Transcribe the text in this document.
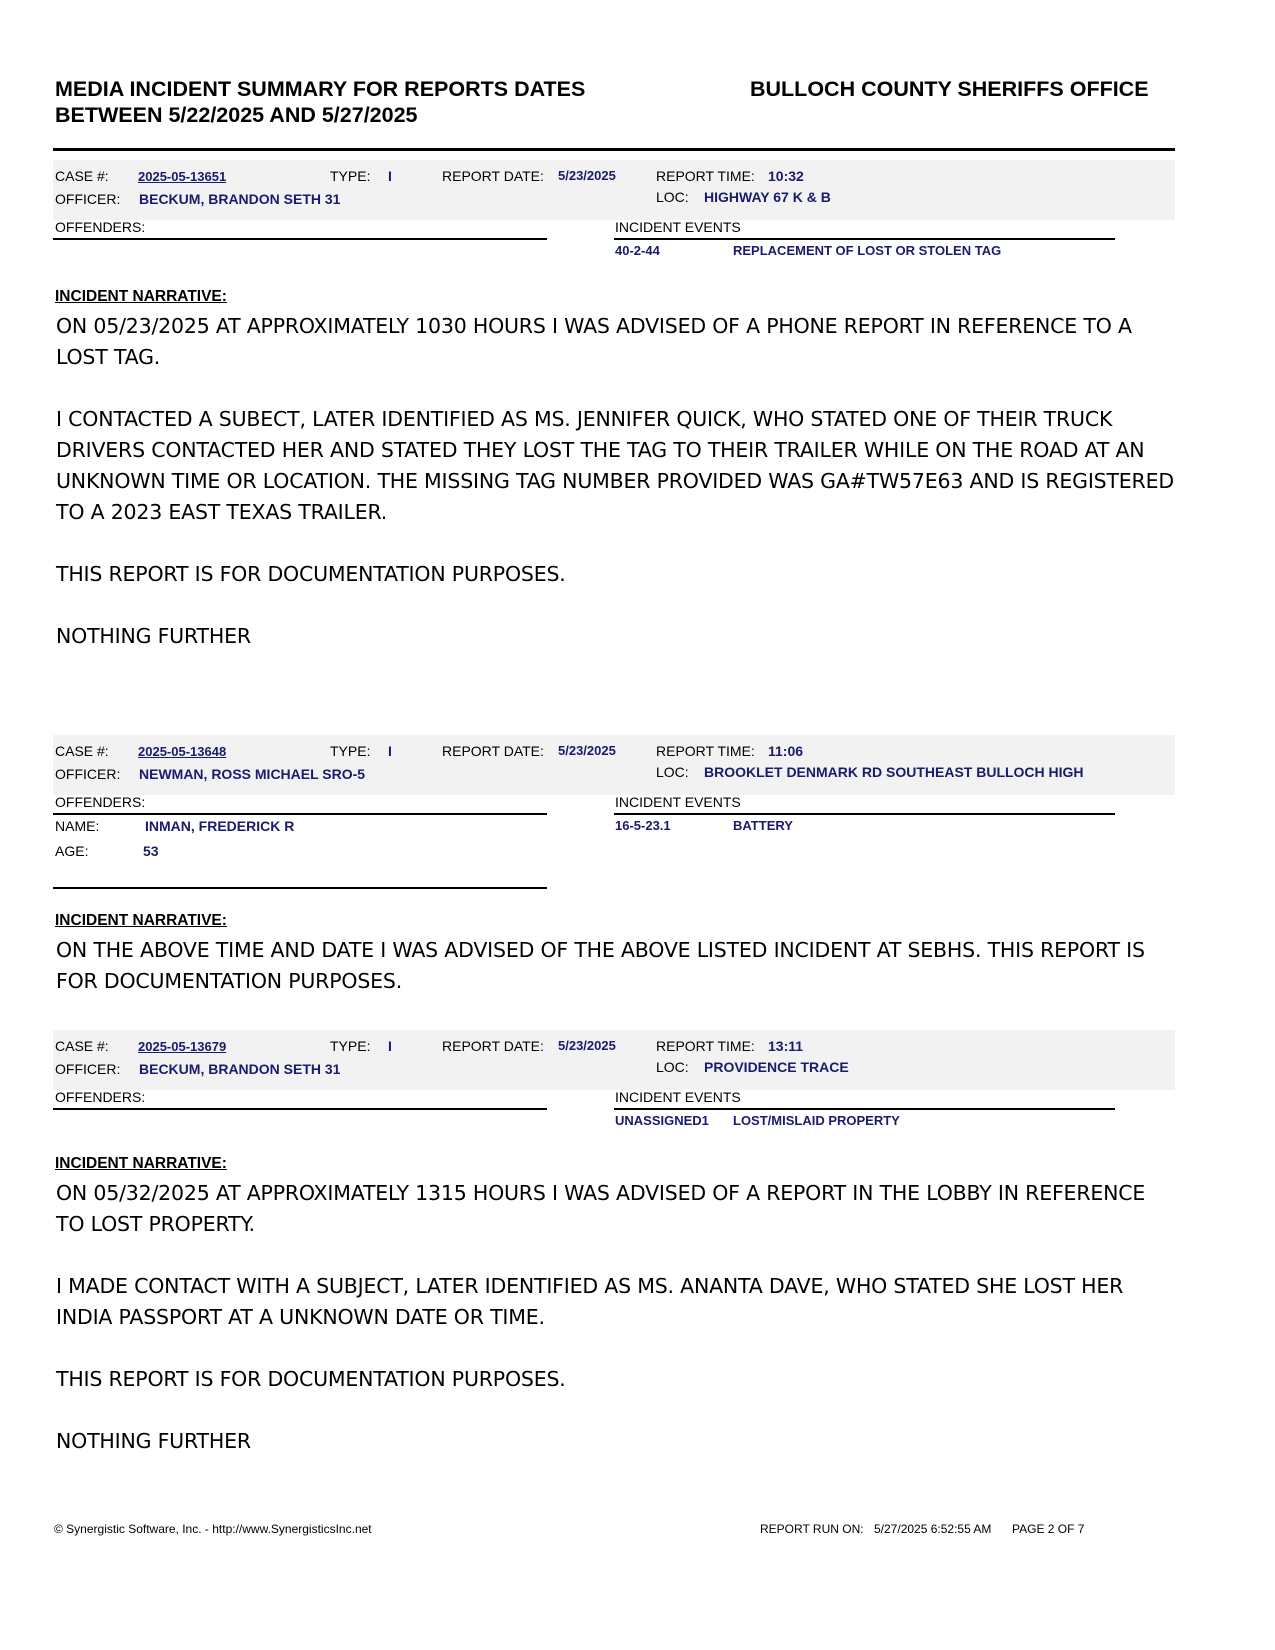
MEDIA INCIDENT SUMMARY FOR REPORTS DATES
BETWEEN 5/22/2025 AND 5/27/2025
BULLOCH COUNTY SHERIFFS OFFICE
CASE #: 2025-05-13651	TYPE: I	REPORT DATE: 5/23/2025	REPORT TIME: 10:32
OFFICER: BECKUM, BRANDON SETH 31	LOC: HIGHWAY 67 K & B
OFFENDERS:	INCIDENT EVENTS
40-2-44	REPLACEMENT OF LOST OR STOLEN TAG
INCIDENT NARRATIVE:

ON 05/23/2025 AT APPROXIMATELY 1030 HOURS I WAS ADVISED OF A PHONE REPORT IN REFERENCE TO A LOST TAG.

I CONTACTED A SUBECT, LATER IDENTIFIED AS MS. JENNIFER QUICK, WHO STATED ONE OF THEIR TRUCK DRIVERS CONTACTED HER AND STATED THEY LOST THE TAG TO THEIR TRAILER WHILE ON THE ROAD AT AN UNKNOWN TIME OR LOCATION. THE MISSING TAG NUMBER PROVIDED WAS GA#TW57E63 AND IS REGISTERED TO A 2023 EAST TEXAS TRAILER.

THIS REPORT IS FOR DOCUMENTATION PURPOSES.

NOTHING FURTHER

CASE #: 2025-05-13648	TYPE: I	REPORT DATE: 5/23/2025	REPORT TIME: 11:06
OFFICER: NEWMAN, ROSS MICHAEL SRO-5	LOC: BROOKLET DENMARK RD SOUTHEAST BULLOCH HIGH
OFFENDERS:
NAME:	INMAN, FREDERICK R
AGE:	53
INCIDENT EVENTS
16-5-23.1	BATTERY
INCIDENT NARRATIVE:

ON THE ABOVE TIME AND DATE I WAS ADVISED OF THE ABOVE LISTED INCIDENT AT SEBHS. THIS REPORT IS FOR DOCUMENTATION PURPOSES.

CASE #: 2025-05-13679	TYPE: I	REPORT DATE: 5/23/2025	REPORT TIME: 13:11
OFFICER: BECKUM, BRANDON SETH 31	LOC: PROVIDENCE TRACE
OFFENDERS:	INCIDENT EVENTS
UNASSIGNED1 LOST/MISLAID PROPERTY
INCIDENT NARRATIVE:

ON 05/32/2025 AT APPROXIMATELY 1315 HOURS I WAS ADVISED OF A REPORT IN THE LOBBY IN REFERENCE TO LOST PROPERTY.

I MADE CONTACT WITH A SUBJECT, LATER IDENTIFIED AS MS. ANANTA DAVE, WHO STATED SHE LOST HER INDIA PASSPORT AT A UNKNOWN DATE OR TIME.

THIS REPORT IS FOR DOCUMENTATION PURPOSES.

NOTHING FURTHER

© Synergistic Software, Inc. - http://www.SynergisticsInc.net	REPORT RUN ON: 5/27/2025 6:52:55 AM PAGE 2 OF 7
